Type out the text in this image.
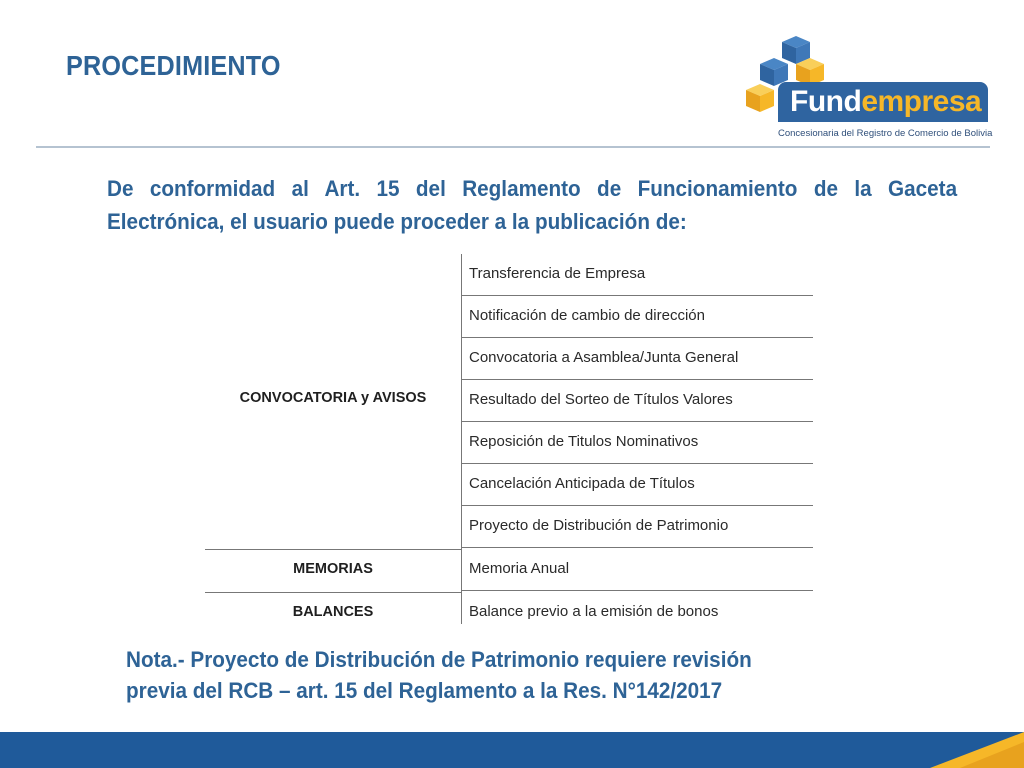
PROCEDIMIENTO
Fundempresa
Concesionaria del Registro de Comercio de Bolivia
De conformidad al Art. 15 del Reglamento de Funcionamiento de la Gaceta Electrónica, el usuario puede proceder a la publicación de:
Transferencia de Empresa
Notificación de cambio de dirección
Convocatoria a Asamblea/Junta General
Resultado del Sorteo de Títulos Valores
Reposición de Titulos Nominativos
Cancelación Anticipada de Títulos
Proyecto de Distribución de Patrimonio
Memoria Anual
Balance previo a la emisión de bonos
CONVOCATORIA y AVISOS
MEMORIAS
BALANCES
Nota.- Proyecto de Distribución de Patrimonio requiere revisión
previa del RCB – art. 15 del Reglamento a la Res. N°142/2017
